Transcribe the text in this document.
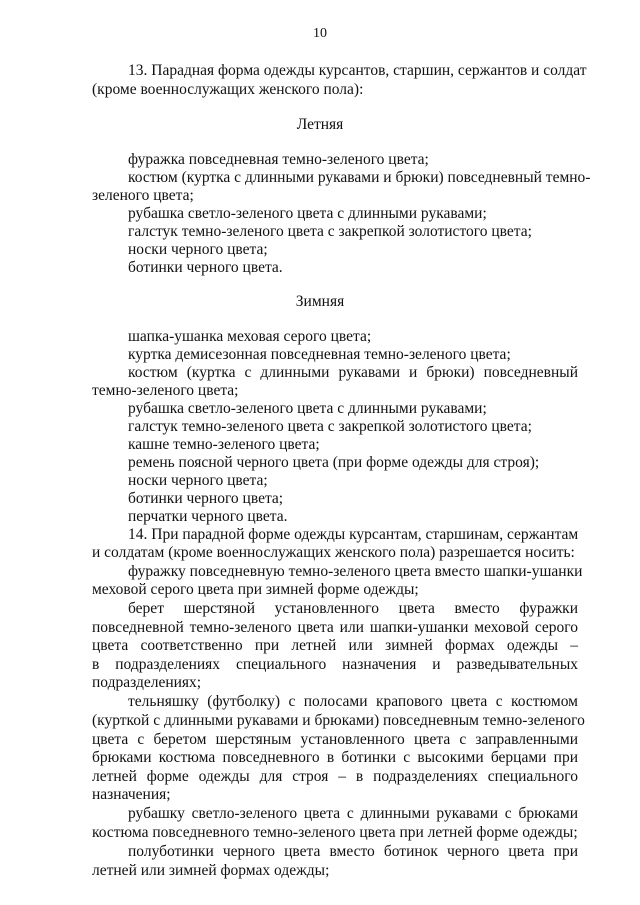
10
13. Парадная форма одежды курсантов, старшин, сержантов и солдат
(кроме военнослужащих женского пола):
Летняя
фуражка повседневная темно-зеленого цвета;
костюм (куртка с длинными рукавами и брюки) повседневный темно-
зеленого цвета;
рубашка светло-зеленого цвета с длинными рукавами;
галстук темно-зеленого цвета с закрепкой золотистого цвета;
носки черного цвета;
ботинки черного цвета.
Зимняя
шапка-ушанка меховая серого цвета;
куртка демисезонная повседневная темно-зеленого цвета;
костюм (куртка с длинными рукавами и брюки) повседневный
темно-зеленого цвета;
рубашка светло-зеленого цвета с длинными рукавами;
галстук темно-зеленого цвета с закрепкой золотистого цвета;
кашне темно-зеленого цвета;
ремень поясной черного цвета (при форме одежды для строя);
носки черного цвета;
ботинки черного цвета;
перчатки черного цвета.
14. При парадной форме одежды курсантам, старшинам, сержантам
и солдатам (кроме военнослужащих женского пола) разрешается носить:
фуражку повседневную темно-зеленого цвета вместо шапки-ушанки
меховой серого цвета при зимней форме одежды;
берет шерстяной установленного цвета вместо фуражки
повседневной темно-зеленого цвета или шапки-ушанки меховой серого
цвета соответственно при летней или зимней формах одежды –
в подразделениях специального назначения и разведывательных
подразделениях;
тельняшку (футболку) с полосами крапового цвета с костюмом
(курткой с длинными рукавами и брюками) повседневным темно-зеленого
цвета с беретом шерстяным установленного цвета с заправленными
брюками костюма повседневного в ботинки с высокими берцами при
летней форме одежды для строя – в подразделениях специального
назначения;
рубашку светло-зеленого цвета с длинными рукавами с брюками
костюма повседневного темно-зеленого цвета при летней форме одежды;
полуботинки черного цвета вместо ботинок черного цвета при
летней или зимней формах одежды;
